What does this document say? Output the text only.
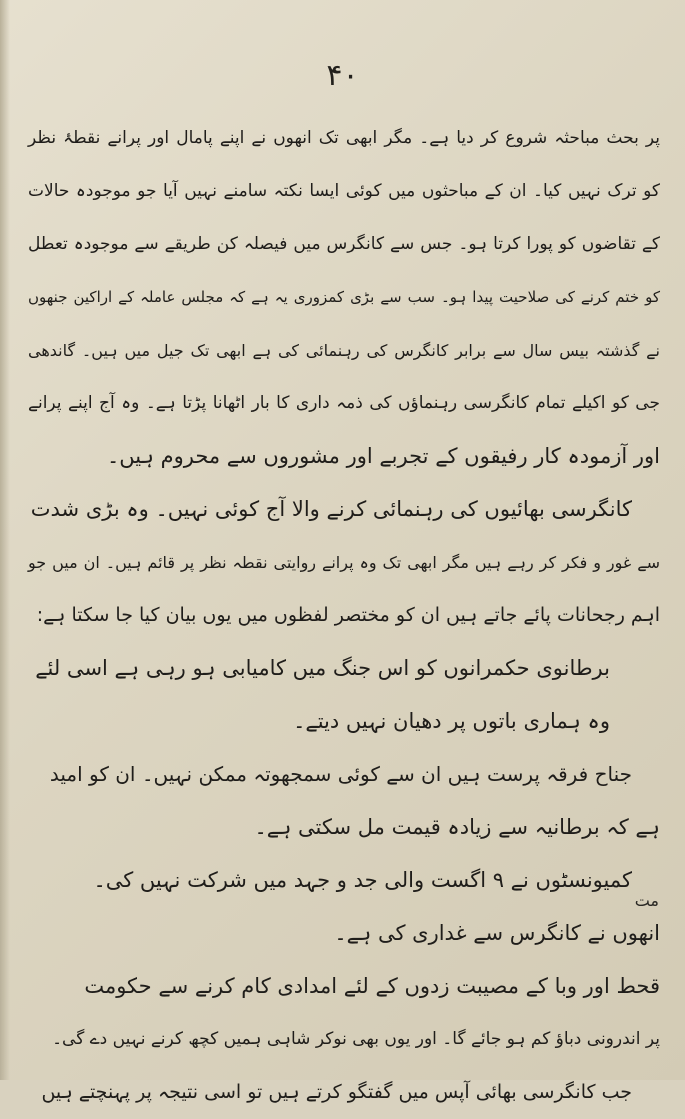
۴۰
مت
پر بحث مباحثہ شروع کر دیا ہے۔ مگر ابھی تک انھوں نے اپنے پامال اور پرانے نقطۂ نظر
کو ترک نہیں کیا۔ ان کے مباحثوں میں کوئی ایسا نکتہ سامنے نہیں آیا جو موجودہ حالات
کے تقاضوں کو پورا کرتا ہو۔ جس سے کانگرس میں فیصلہ کن طریقے سے موجودہ تعطل
کو ختم کرنے کی صلاحیت پیدا ہو۔ سب سے بڑی کمزوری یہ ہے کہ مجلس عاملہ کے اراکین جنھوں
نے گذشتہ بیس سال سے برابر کانگرس کی رہنمائی کی ہے ابھی تک جیل میں ہیں۔ گاندھی
جی کو اکیلے تمام کانگرسی رہنماؤں کی ذمہ داری کا بار اٹھانا پڑتا ہے۔ وہ آج اپنے پرانے
اور آزمودہ کار رفیقوں کے تجربے اور مشوروں سے محروم ہیں۔
کانگرسی بھائیوں کی رہنمائی کرنے والا آج کوئی نہیں۔ وہ بڑی شدت
سے غور و فکر کر رہے ہیں مگر ابھی تک وہ پرانے روایتی نقطہ نظر پر قائم ہیں۔ ان میں جو
اہم رجحانات پائے جاتے ہیں ان کو مختصر لفظوں میں یوں بیان کیا جا سکتا ہے:
برطانوی حکمرانوں کو اس جنگ میں کامیابی ہو رہی ہے اسی لئے
وہ ہماری باتوں پر دھیان نہیں دیتے۔
جناح فرقہ پرست ہیں ان سے کوئی سمجھوتہ ممکن نہیں۔ ان کو امید
ہے کہ برطانیہ سے زیادہ قیمت مل سکتی ہے۔
کمیونسٹوں نے ۹ اگست والی جد و جہد میں شرکت نہیں کی۔
انھوں نے کانگرس سے غداری کی ہے۔
قحط اور وبا کے مصیبت زدوں کے لئے امدادی کام کرنے سے حکومت
پر اندرونی دباؤ کم ہو جائے گا۔ اور یوں بھی نوکر شاہی ہمیں کچھ کرنے نہیں دے گی۔
جب کانگرسی بھائی آپس میں گفتگو کرتے ہیں تو اسی نتیجہ پر پہنچتے ہیں
